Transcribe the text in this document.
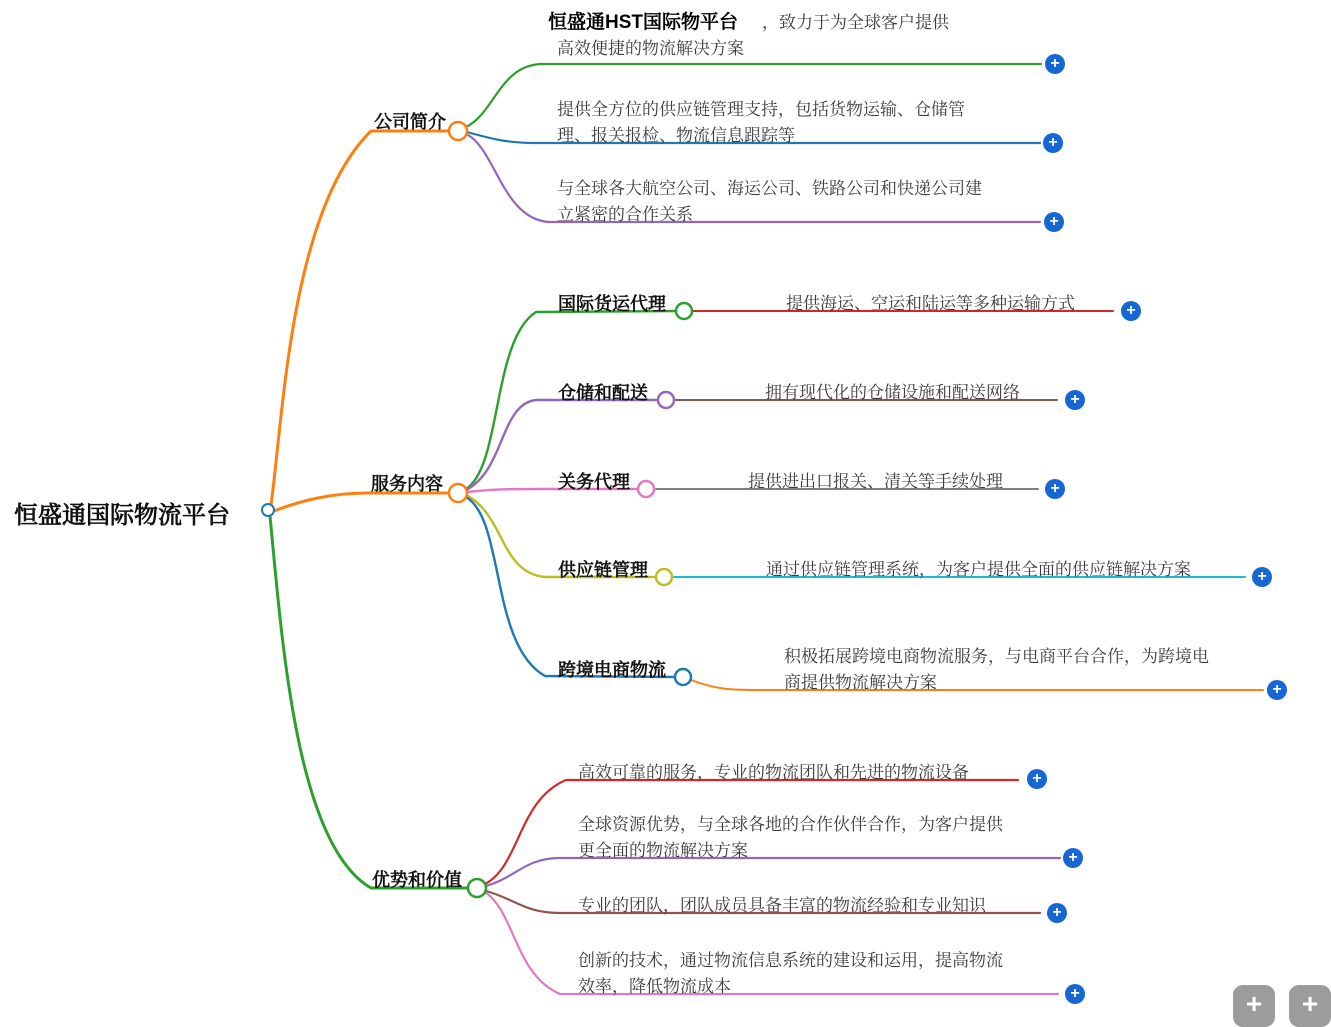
恒盛通国际物流平台
公司简介
服务内容
优势和价值
恒盛通HST国际物平台 ，致力于为全球客户提供
高效便捷的物流解决方案
提供全方位的供应链管理支持，包括货物运输、仓储管
理、报关报检、物流信息跟踪等
与全球各大航空公司、海运公司、铁路公司和快递公司建
立紧密的合作关系
国际货运代理	提供海运、空运和陆运等多种运输方式
仓储和配送	拥有现代化的仓储设施和配送网络
关务代理	提供进出口报关、清关等手续处理
供应链管理	通过供应链管理系统，为客户提供全面的供应链解决方案
跨境电商物流
积极拓展跨境电商物流服务，与电商平台合作，为跨境电
商提供物流解决方案
高效可靠的服务，专业的物流团队和先进的物流设备
全球资源优势，与全球各地的合作伙伴合作，为客户提供
更全面的物流解决方案
专业的团队，团队成员具备丰富的物流经验和专业知识
创新的技术，通过物流信息系统的建设和运用，提高物流
效率，降低物流成本
+
+
+
+
+
+
+
+
+
+
+
+	+	+
